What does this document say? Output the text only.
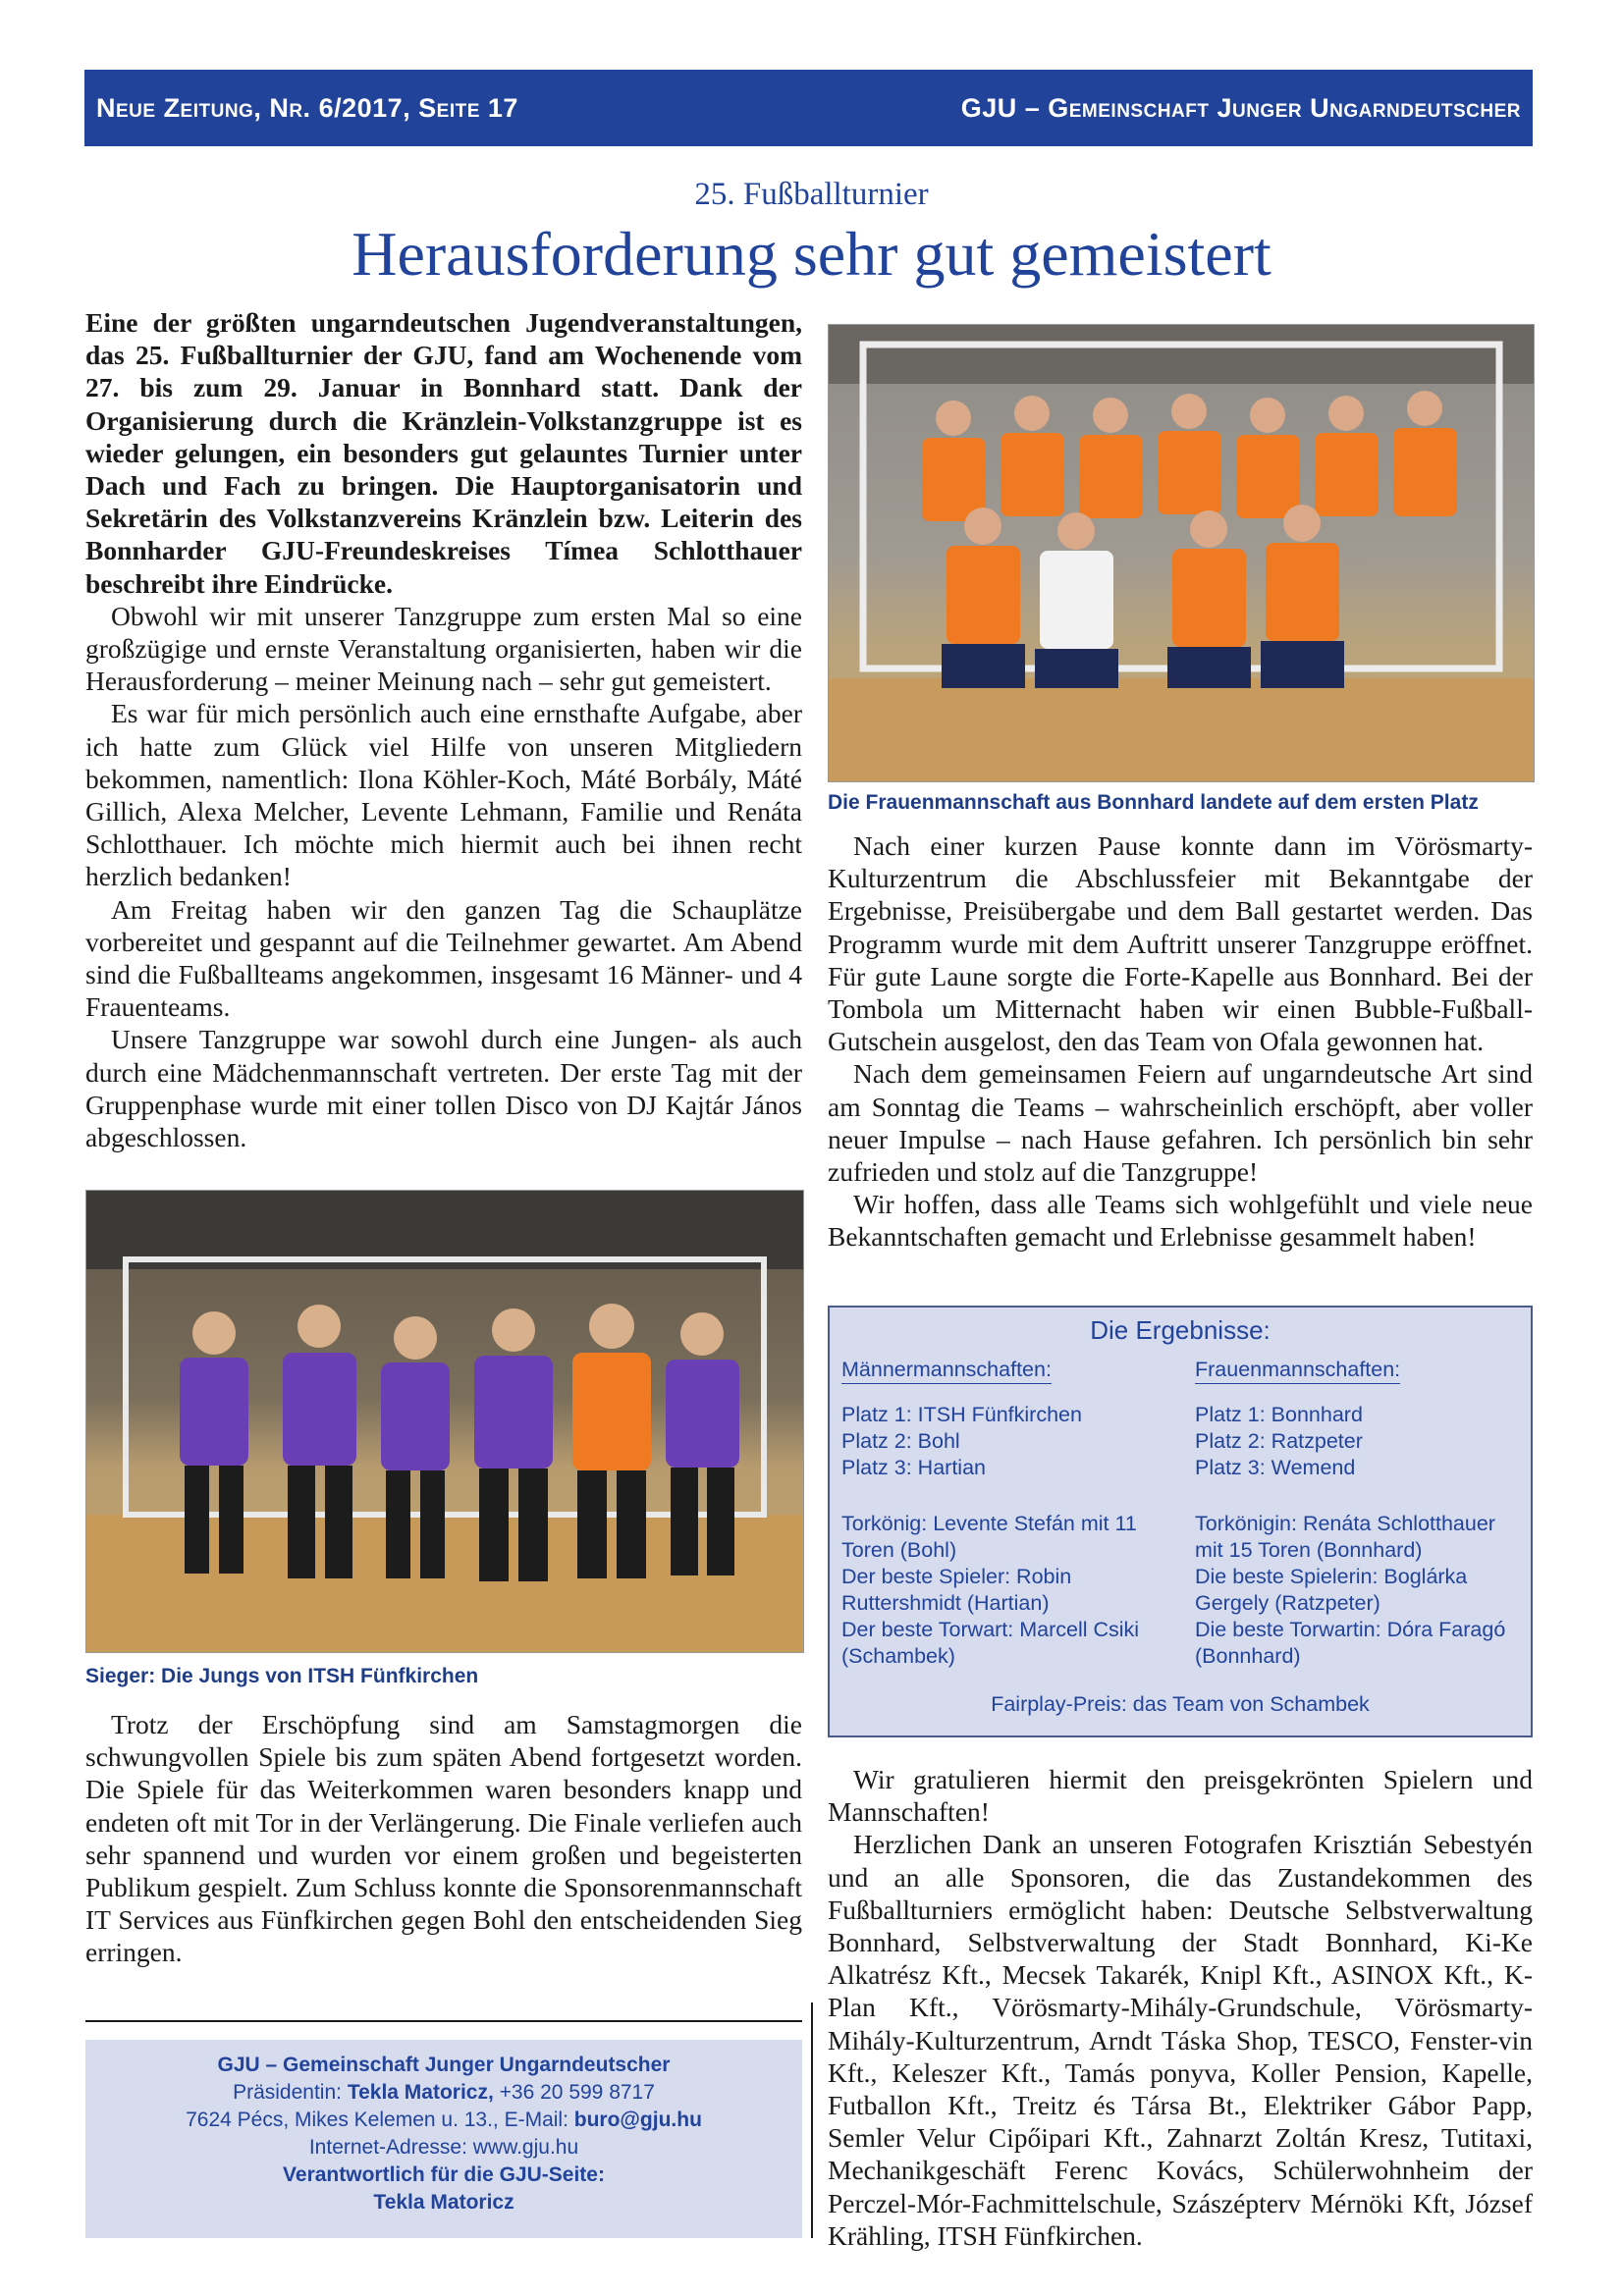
Neue Zeitung, Nr. 6/2017, Seite 17	GJU – Gemeinschaft Junger Ungarndeutscher
25. Fußballturnier
Herausforderung sehr gut gemeistert

Eine der größten ungarndeutschen Jugendveranstaltungen, das 25. Fußballturnier der GJU, fand am Wochenende vom 27. bis zum 29. Januar in Bonnhard statt. Dank der Organisierung durch die Kränzlein-Volkstanzgruppe ist es wieder gelungen, ein besonders gut gelauntes Turnier unter Dach und Fach zu bringen. Die Hauptorganisatorin und Sekretärin des Volkstanzvereins Kränzlein bzw. Leiterin des Bonnharder GJU-Freundeskreises Tímea Schlotthauer beschreibt ihre Eindrücke.

Obwohl wir mit unserer Tanzgruppe zum ersten Mal so eine großzügige und ernste Veranstaltung organisierten, haben wir die Herausforderung – meiner Meinung nach – sehr gut gemeistert.

Es war für mich persönlich auch eine ernsthafte Aufgabe, aber ich hatte zum Glück viel Hilfe von unseren Mitgliedern bekommen, namentlich: Ilona Köhler-Koch, Máté Borbály, Máté Gillich, Alexa Melcher, Levente Lehmann, Familie und Renáta Schlotthauer. Ich möchte mich hiermit auch bei ihnen recht herzlich bedanken!

Am Freitag haben wir den ganzen Tag die Schauplätze vorbereitet und gespannt auf die Teilnehmer gewartet. Am Abend sind die Fußballteams angekommen, insgesamt 16 Männer- und 4 Frauenteams.

Unsere Tanzgruppe war sowohl durch eine Jungen- als auch durch eine Mädchenmannschaft vertreten. Der erste Tag mit der Gruppenphase wurde mit einer tollen Disco von DJ Kajtár János abgeschlossen.

Sieger: Die Jungs von ITSH Fünfkirchen

Trotz der Erschöpfung sind am Samstagmorgen die schwungvollen Spiele bis zum späten Abend fortgesetzt worden. Die Spiele für das Weiterkommen waren besonders knapp und endeten oft mit Tor in der Verlängerung. Die Finale verliefen auch sehr spannend und wurden vor einem großen und begeisterten Publikum gespielt. Zum Schluss konnte die Sponsorenmannschaft IT Services aus Fünfkirchen gegen Bohl den entscheidenden Sieg erringen.

GJU – Gemeinschaft Junger Ungarndeutscher
Präsidentin: Tekla Matoricz, +36 20 599 8717
7624 Pécs, Mikes Kelemen u. 13., E-Mail: buro@gju.hu
Internet-Adresse: www.gju.hu
Verantwortlich für die GJU-Seite:
Tekla Matoricz
Die Frauenmannschaft aus Bonnhard landete auf dem ersten Platz

Nach einer kurzen Pause konnte dann im Vörösmarty-Kulturzentrum die Abschlussfeier mit Bekanntgabe der Ergebnisse, Preisübergabe und dem Ball gestartet werden. Das Programm wurde mit dem Auftritt unserer Tanzgruppe eröffnet. Für gute Laune sorgte die Forte-Kapelle aus Bonnhard. Bei der Tombola um Mitternacht haben wir einen Bubble-Fußball-Gutschein ausgelost, den das Team von Ofala gewonnen hat.

Nach dem gemeinsamen Feiern auf ungarndeutsche Art sind am Sonntag die Teams – wahrscheinlich erschöpft, aber voller neuer Impulse – nach Hause gefahren. Ich persönlich bin sehr zufrieden und stolz auf die Tanzgruppe!

Wir hoffen, dass alle Teams sich wohlgefühlt und viele neue Bekanntschaften gemacht und Erlebnisse gesammelt haben!

Die Ergebnisse:
Männermannschaften:
Platz 1: ITSH Fünfkirchen
Platz 2: Bohl
Platz 3: Hartian
Torkönig: Levente Stefán mit 11 Toren (Bohl)
Der beste Spieler: Robin Ruttershmidt (Hartian)
Der beste Torwart: Marcell Csiki (Schambek)
Frauenmannschaften:
Platz 1: Bonnhard
Platz 2: Ratzpeter
Platz 3: Wemend
Torkönigin: Renáta Schlotthauer mit 15 Toren (Bonnhard)
Die beste Spielerin: Boglárka Gergely (Ratzpeter)
Die beste Torwartin: Dóra Faragó (Bonnhard)
Fairplay-Preis: das Team von Schambek

Wir gratulieren hiermit den preisgekrönten Spielern und Mannschaften!

Herzlichen Dank an unseren Fotografen Krisztián Sebestyén und an alle Sponsoren, die das Zustandekommen des Fußballturniers ermöglicht haben: Deutsche Selbstverwaltung Bonnhard, Selbstverwaltung der Stadt Bonnhard, Ki-Ke Alkatrész Kft., Mecsek Takarék, Knipl Kft., ASINOX Kft., K-Plan Kft., Vörösmarty-Mihály-Grundschule, Vörösmarty-Mihály-Kulturzentrum, Arndt Táska Shop, TESCO, Fenster-vin Kft., Keleszer Kft., Tamás ponyva, Koller Pension, Kapelle, Futballon Kft., Treitz és Társa Bt., Elektriker Gábor Papp, Semler Velur Cipőipari Kft., Zahnarzt Zoltán Kresz, Tutitaxi, Mechanikgeschäft Ferenc Kovács, Schülerwohnheim der Perczel-Mór-Fachmittelschule, Szászépterv Mérnöki Kft, József Krähling, ITSH Fünfkirchen.
